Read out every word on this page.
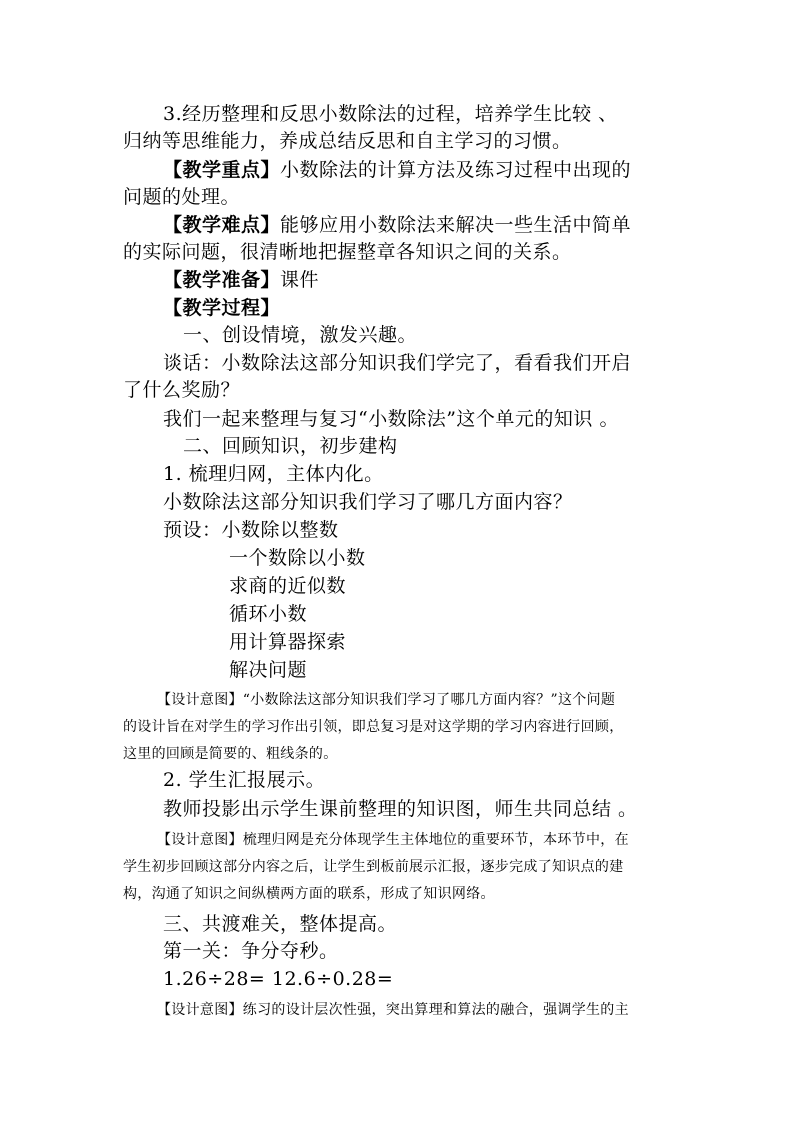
3.经历整理和反思小数除法的过程，培养学生比较 、
归纳等思维能力，养成总结反思和自主学习的习惯。
【教学重点】小数除法的计算方法及练习过程中出现的
问题的处理。
【教学难点】能够应用小数除法来解决一些生活中简单
的实际问题，很清晰地把握整章各知识之间的关系。
【教学准备】课件
【教学过程】
一、创设情境，激发兴趣。
谈话：小数除法这部分知识我们学完了，看看我们开启
了什么奖励？
我们一起来整理与复习“小数除法”这个单元的知识 。
二、回顾知识，初步建构
1. 梳理归网，主体内化。
小数除法这部分知识我们学习了哪几方面内容？
预设：小数除以整数
一个数除以小数
求商的近似数
循环小数
用计算器探索
解决问题
【设计意图】“小数除法这部分知识我们学习了哪几方面内容？”这个问题
的设计旨在对学生的学习作出引领，即总复习是对这学期的学习内容进行回顾，
这里的回顾是简要的、粗线条的。
2. 学生汇报展示。
教师投影出示学生课前整理的知识图，师生共同总结 。
【设计意图】梳理归网是充分体现学生主体地位的重要环节，本环节中，在
学生初步回顾这部分内容之后，让学生到板前展示汇报，逐步完成了知识点的建
构，沟通了知识之间纵横两方面的联系，形成了知识网络。
三、共渡难关，整体提高。
第一关：争分夺秒。
1.26÷28= 12.6÷0.28=
【设计意图】练习的设计层次性强，突出算理和算法的融合，强调学生的主
